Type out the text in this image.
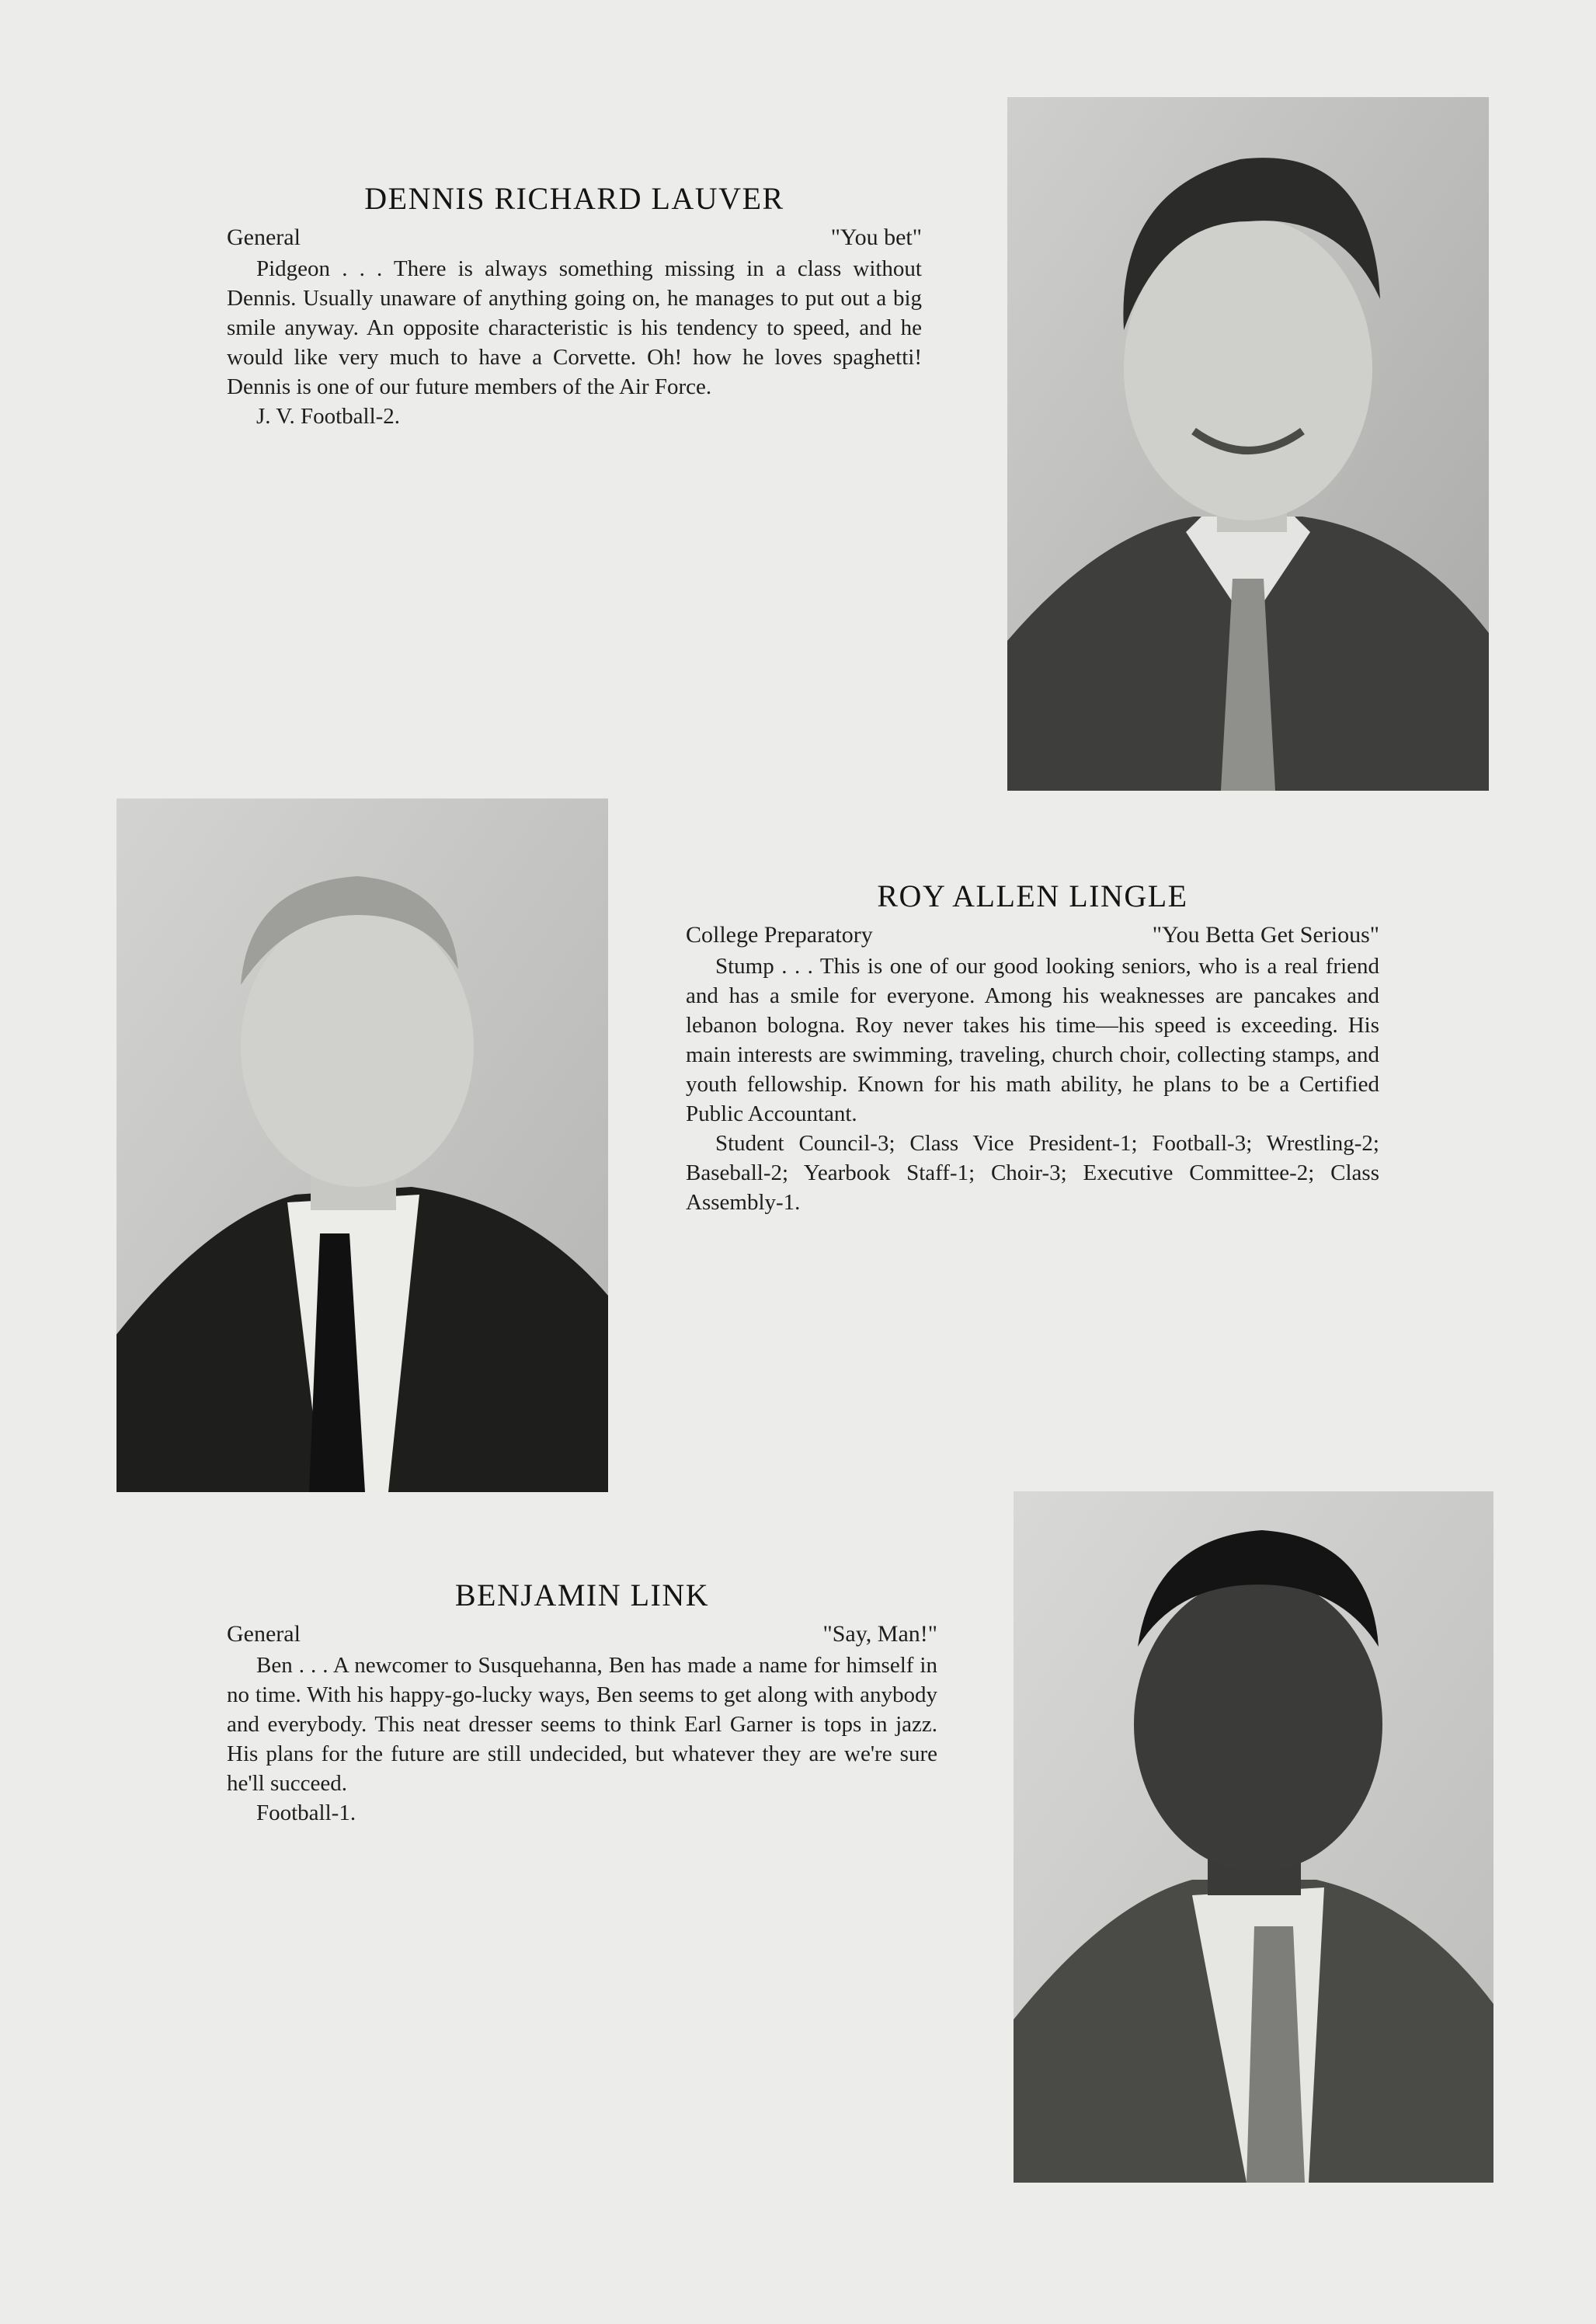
DENNIS RICHARD LAUVER
General	"You bet"

Pidgeon . . . There is always something missing in a class without Dennis. Usually unaware of anything going on, he manages to put out a big smile anyway. An opposite characteristic is his tendency to speed, and he would like very much to have a Corvette. Oh! how he loves spaghetti! Dennis is one of our future members of the Air Force.

J. V. Football-2.

ROY ALLEN LINGLE
College Preparatory	"You Betta Get Serious"

Stump . . . This is one of our good looking seniors, who is a real friend and has a smile for everyone. Among his weaknesses are pancakes and lebanon bologna. Roy never takes his time—his speed is exceeding. His main interests are swimming, traveling, church choir, collecting stamps, and youth fellowship. Known for his math ability, he plans to be a Certified Public Accountant.

Student Council-3; Class Vice President-1; Football-3; Wrestling-2; Baseball-2; Yearbook Staff-1; Choir-3; Executive Committee-2; Class Assembly-1.

BENJAMIN LINK
General	"Say, Man!"

Ben . . . A newcomer to Susquehanna, Ben has made a name for himself in no time. With his happy-go-lucky ways, Ben seems to get along with anybody and everybody. This neat dresser seems to think Earl Garner is tops in jazz. His plans for the future are still undecided, but whatever they are we're sure he'll succeed.

Football-1.
